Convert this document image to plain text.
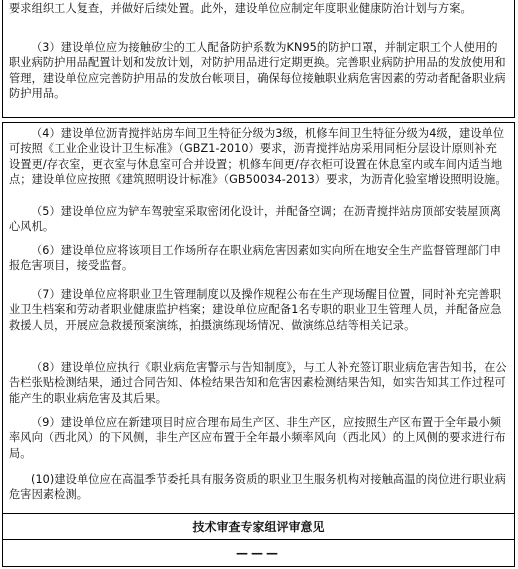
要求组织工人复查，并做好后续处置。此外，建设单位应制定年度职业健康防治计划与方案。

（3）建设单位应为接触矽尘的工人配备防护系数为KN95的防护口罩，并制定职工个人使用的职业病防护用品配置计划和发放计划，对防护用品进行定期更换。完善职业病防护用品的发放使用和管理，建设单位应完善防护用品的发放台帐项目，确保每位接触职业病危害因素的劳动者配备职业病防护用品。

（4）建设单位沥青搅拌站房车间卫生特征分级为3级，机修车间卫生特征分级为4级，建设单位可按照《工业企业设计卫生标准》（GBZ1-2010）要求，沥青搅拌站房采用同柜分层设计原则补充设置更/存衣室，更衣室与休息室可合并设置；机修车间更/存衣柜可设置在休息室内或车间内适当地点；建设单位应按照《建筑照明设计标准》（GB50034-2013）要求，为沥青化验室增设照明设施。

（5）建设单位应为铲车驾驶室采取密闭化设计，并配备空调；在沥青搅拌站房顶部安装屋顶离心风机。

（6）建设单位应将该项目工作场所存在职业病危害因素如实向所在地安全生产监督管理部门申报危害项目，接受监督。

（7）建设单位应将职业卫生管理制度以及操作规程公布在生产现场醒目位置，同时补充完善职业卫生档案和劳动者职业健康监护档案；建设单位应配备1名专职的职业卫生管理人员，并配备应急救援人员，开展应急救援预案演练，拍摄演练现场情况、做演练总结等相关记录。

（8）建设单位应执行《职业病危害警示与告知制度》，与工人补充签订职业病危害告知书，在公告栏张贴检测结果，通过合同告知、体检结果告知和危害因素检测结果告知，如实告知其工作过程可能产生的职业病危害及其后果。

（9）建设单位应在新建项目时应合理布局生产区、非生产区，应按照生产区布置于全年最小频率风向（西北风）的下风侧，非生产区应布置于全年最小频率风向（西北风）的上风侧的要求进行布局。

(10)建设单位应在高温季节委托具有服务资质的职业卫生服务机构对接触高温的岗位进行职业病危害因素检测。

技术审查专家组评审意见
———
